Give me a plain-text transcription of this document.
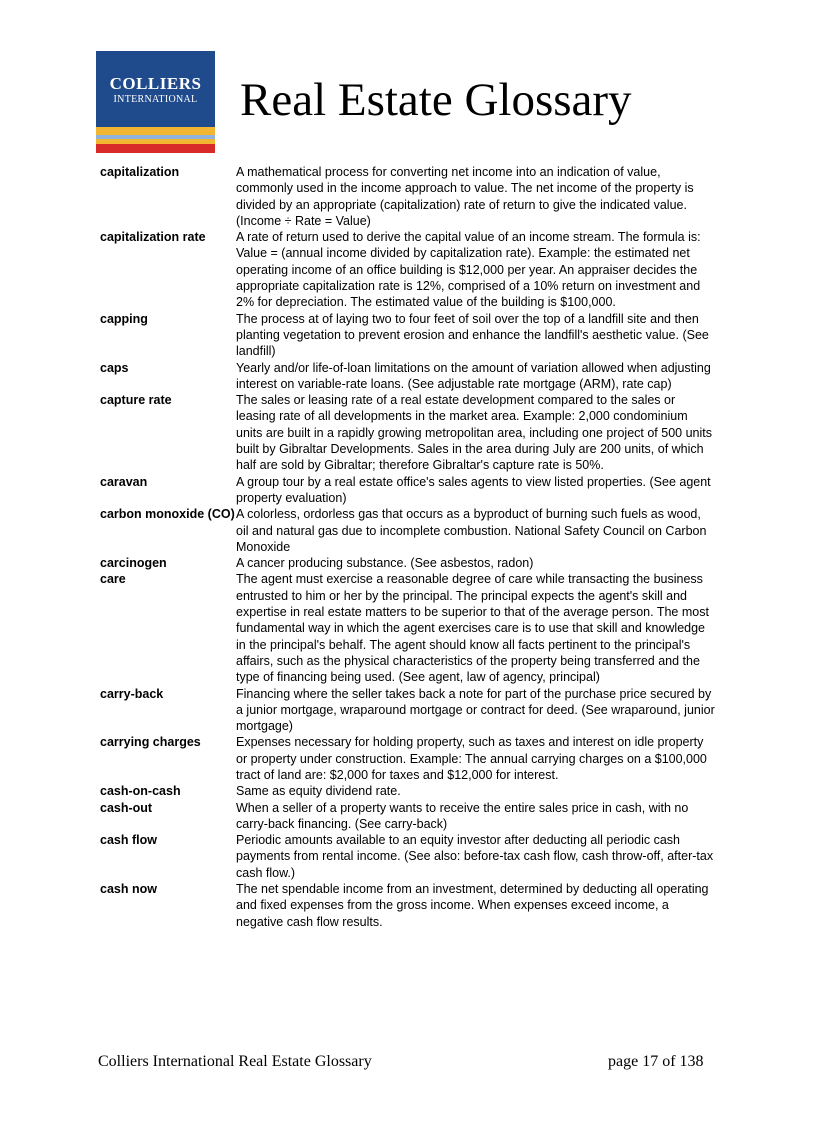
COLLIERS
INTERNATIONAL Real Estate Glossary
capitalization	A mathematical process for converting net income into an indication of value, commonly used in the income approach to value. The net income of the property is divided by an appropriate (capitalization) rate of return to give the indicated value. (Income ÷ Rate = Value)
capitalization rate	A rate of return used to derive the capital value of an income stream. The formula is: Value = (annual income divided by capitalization rate). Example: the estimated net operating income of an office building is $12,000 per year. An appraiser decides the appropriate capitalization rate is 12%, comprised of a 10% return on investment and 2% for depreciation. The estimated value of the building is $100,000.
capping	The process at of laying two to four feet of soil over the top of a landfill site and then planting vegetation to prevent erosion and enhance the landfill's aesthetic value. (See landfill)
caps	Yearly and/or life-of-loan limitations on the amount of variation allowed when adjusting interest on variable-rate loans. (See adjustable rate mortgage (ARM), rate cap)
capture rate	The sales or leasing rate of a real estate development compared to the sales or leasing rate of all developments in the market area. Example: 2,000 condominium units are built in a rapidly growing metropolitan area, including one project of 500 units built by Gibraltar Developments. Sales in the area during July are 200 units, of which half are sold by Gibraltar; therefore Gibraltar's capture rate is 50%.
caravan	A group tour by a real estate office's sales agents to view listed properties. (See agent property evaluation)
carbon monoxide (CO) A colorless, ordorless gas that occurs as a byproduct of burning such fuels as wood, oil and natural gas due to incomplete combustion. National Safety Council on Carbon Monoxide
carcinogen	A cancer producing substance. (See asbestos, radon)
care	The agent must exercise a reasonable degree of care while transacting the business entrusted to him or her by the principal. The principal expects the agent's skill and expertise in real estate matters to be superior to that of the average person. The most fundamental way in which the agent exercises care is to use that skill and knowledge in the principal's behalf. The agent should know all facts pertinent to the principal's affairs, such as the physical characteristics of the property being transferred and the type of financing being used. (See agent, law of agency, principal)
carry-back	Financing where the seller takes back a note for part of the purchase price secured by a junior mortgage, wraparound mortgage or contract for deed. (See wraparound, junior mortgage)
carrying charges	Expenses necessary for holding property, such as taxes and interest on idle property or property under construction. Example: The annual carrying charges on a $100,000 tract of land are: $2,000 for taxes and $12,000 for interest.
cash-on-cash	Same as equity dividend rate.
cash-out	When a seller of a property wants to receive the entire sales price in cash, with no carry-back financing. (See carry-back)
cash flow	Periodic amounts available to an equity investor after deducting all periodic cash payments from rental income. (See also: before-tax cash flow, cash throw-off, after-tax cash flow.)
cash now	The net spendable income from an investment, determined by deducting all operating and fixed expenses from the gross income. When expenses exceed income, a negative cash flow results.
Colliers International Real Estate Glossary	page 17 of 138
